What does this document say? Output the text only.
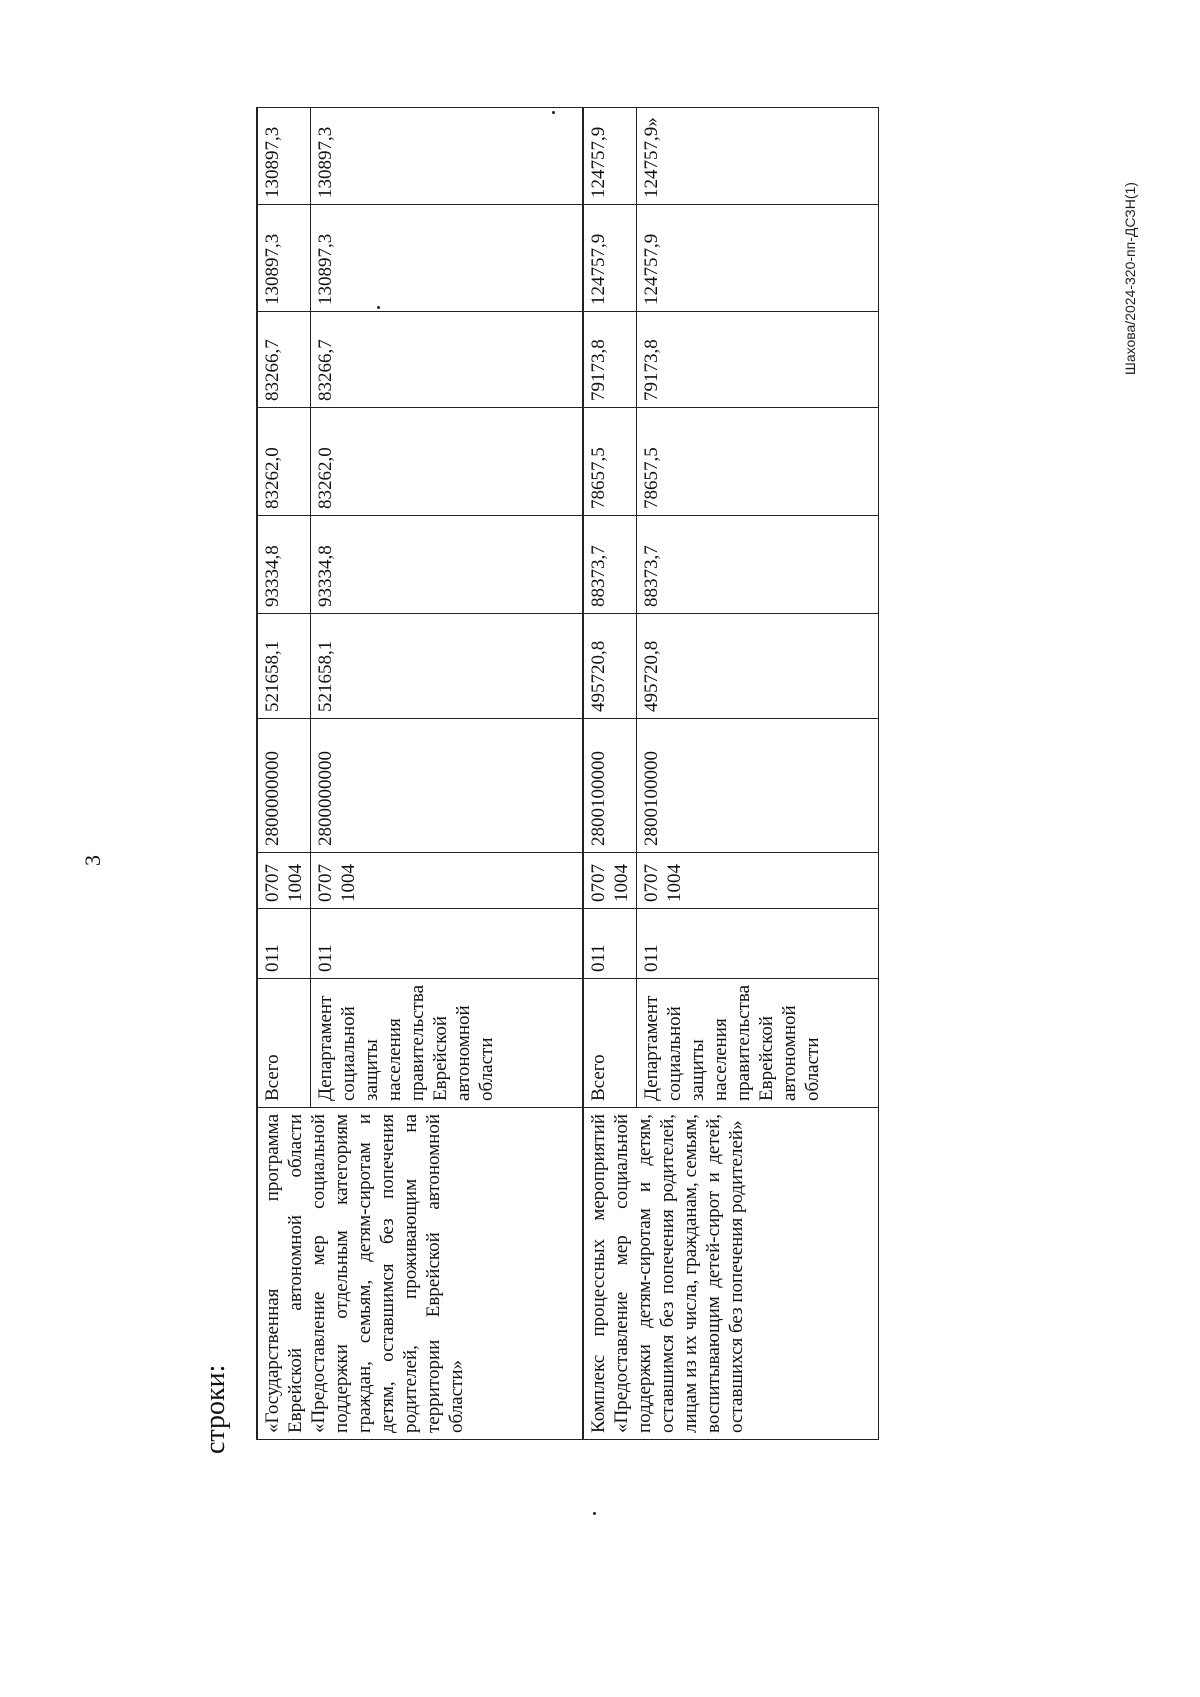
3
строки:
Шахова/2024-320-пп-ДСЗН(1)
«Государственная программа Еврейской автономной области «Предоставление мер социальной поддержки отдельным категориям граждан, семьям, детям-сиротам и детям, оставшимся без попечения родителей, проживающим на территории Еврейской автономной области»	Всего	011	0707
1004	2800000000	521658,1	93334,8	83262,0	83266,7	130897,3	130897,3
	Департамент социальной защиты населения правительства Еврейской автономной области	011	0707
1004	2800000000	521658,1	93334,8	83262,0	83266,7	130897,3	130897,3
Комплекс процессных мероприятий «Предоставление мер социальной поддержки детям-сиротам и детям, оставшимся без попечения родителей, лицам из их числа, гражданам, семьям, воспитывающим детей-сирот и детей, оставшихся без попечения родителей»	Всего	011	0707
1004	2800100000	495720,8	88373,7	78657,5	79173,8	124757,9	124757,9
	Департамент социальной защиты населения правительства Еврейской автономной области	011	0707
1004	2800100000	495720,8	88373,7	78657,5	79173,8	124757,9	124757,9»
